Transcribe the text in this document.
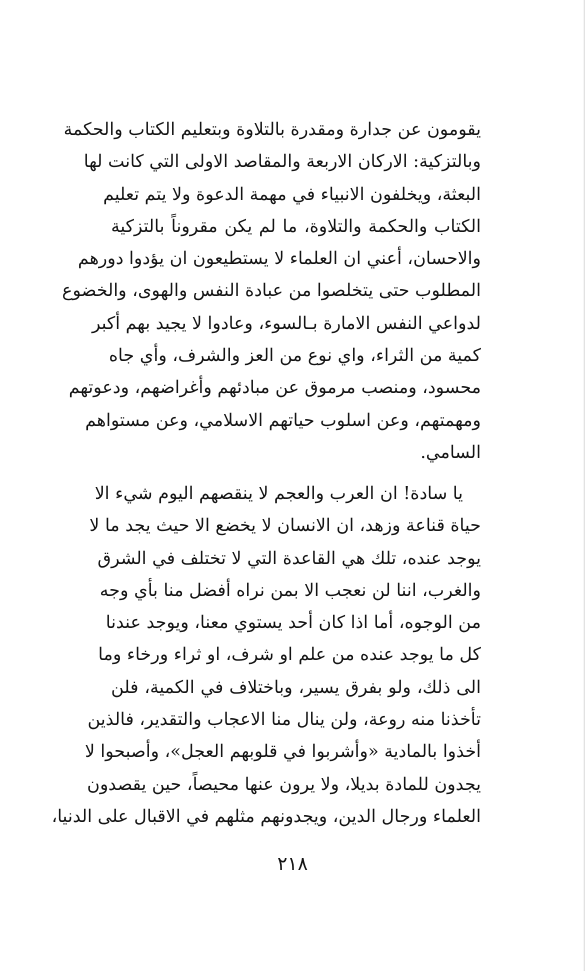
يقومون عن جدارة ومقدرة بالتلاوة وبتعليم الكتاب والحكمة
وبالتزكية: الاركان الاربعة والمقاصد الاولى التي كانت لها
البعثة، ويخلفون الانبياء في مهمة الدعوة ولا يتم تعليم
الكتاب والحكمة والتلاوة، ما لم يكن مقروناً بالتزكية
والاحسان، أعني ان العلماء لا يستطيعون ان يؤدوا دورهم
المطلوب حتى يتخلصوا من عبادة النفس والهوى، والخضوع
لدواعي النفس الامارة بـالسوء، وعادوا لا يجيد بهم أكبر
كمية من الثراء، واي نوع من العز والشرف، وأي جاه
محسود، ومنصب مرموق عن مبادئهم وأغراضهم، ودعوتهم
ومهمتهم، وعن اسلوب حياتهم الاسلامي، وعن مستواهم
السامي.
يا سادة! ان العرب والعجم لا ينقصهم اليوم شيء الا
حياة قناعة وزهد، ان الانسان لا يخضع الا حيث يجد ما لا
يوجد عنده، تلك هي القاعدة التي لا تختلف في الشرق
والغرب، اننا لن نعجب الا بمن نراه أفضل منا بأي وجه
من الوجوه، أما اذا كان أحد يستوي معنا، ويوجد عندنا
كل ما يوجد عنده من علم او شرف، او ثراء ورخاء وما
الى ذلك، ولو بفرق يسير، وباختلاف في الكمية، فلن
تأخذنا منه روعة، ولن ينال منا الاعجاب والتقدير، فالذين
أخذوا بالمادية «وأشربوا في قلوبهم العجل»، وأصبحوا لا
يجدون للمادة بديلا، ولا يرون عنها محيصاً، حين يقصدون
العلماء ورجال الدين، ويجدونهم مثلهم في الاقبال على الدنيا،
٢١٨
